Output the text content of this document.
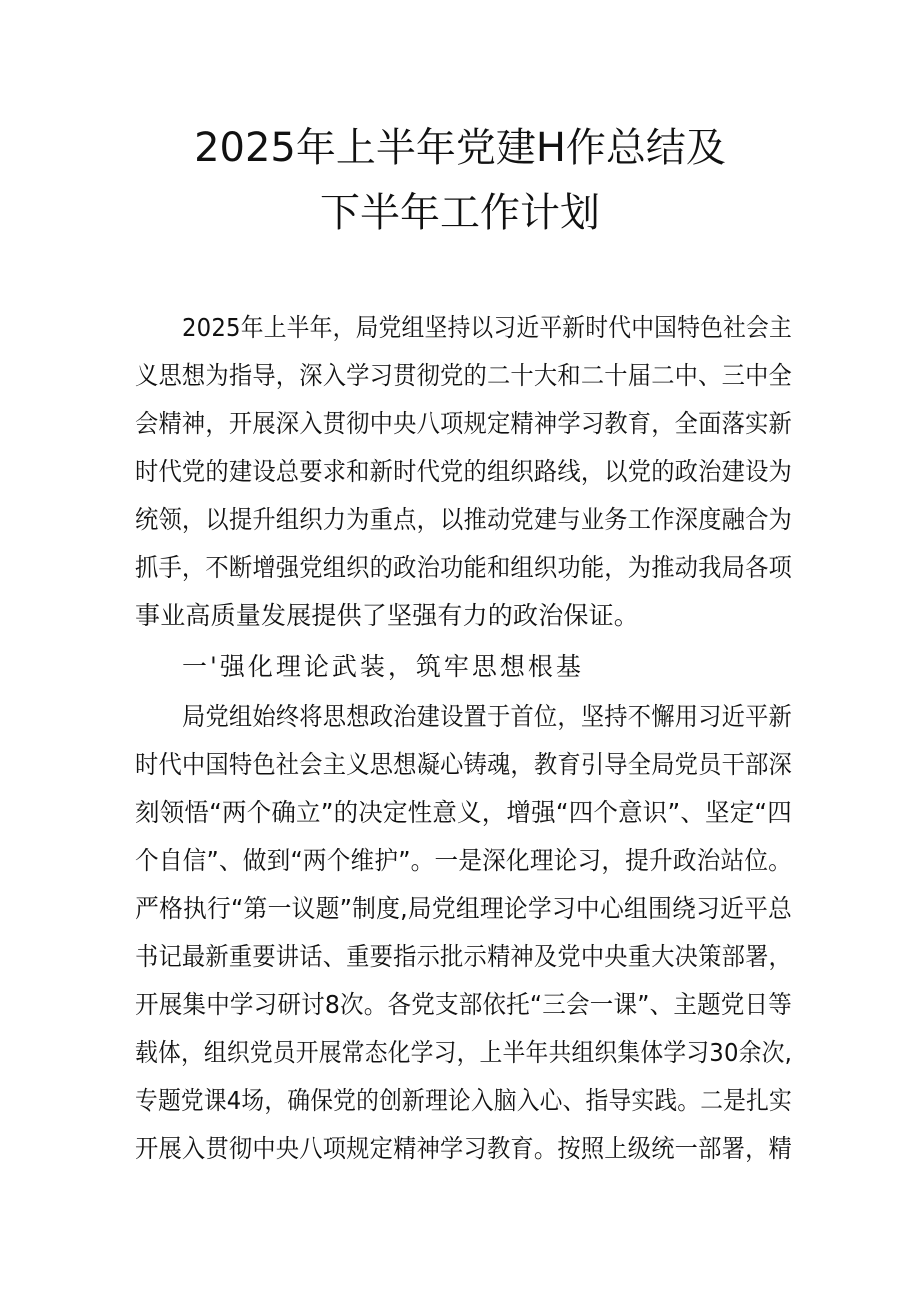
2025年上半年党建H作总结及
下半年工作计划
2025年上半年，局党组坚持以习近平新时代中国特色社会主
义思想为指导，深入学习贯彻党的二十大和二十届二中、三中全
会精神，开展深入贯彻中央八项规定精神学习教育，全面落实新
时代党的建设总要求和新时代党的组织路线，以党的政治建设为
统领，以提升组织力为重点，以推动党建与业务工作深度融合为
抓手，不断增强党组织的政治功能和组织功能，为推动我局各项
事业高质量发展提供了坚强有力的政治保证。
一'强化理论武装，筑牢思想根基
局党组始终将思想政治建设置于首位，坚持不懈用习近平新
时代中国特色社会主义思想凝心铸魂，教育引导全局党员干部深
刻领悟“两个确立”的决定性意义，增强“四个意识”、坚定“四
个自信”、做到“两个维护”。一是深化理论习，提升政治站位。
严格执行“第一议题”制度,局党组理论学习中心组围绕习近平总
书记最新重要讲话、重要指示批示精神及党中央重大决策部署，
开展集中学习研讨8次。各党支部依托“三会一课”、主题党日等
载体，组织党员开展常态化学习，上半年共组织集体学习30余次,
专题党课4场，确保党的创新理论入脑入心、指导实践。二是扎实
开展入贯彻中央八项规定精神学习教育。按照上级统一部署，精
